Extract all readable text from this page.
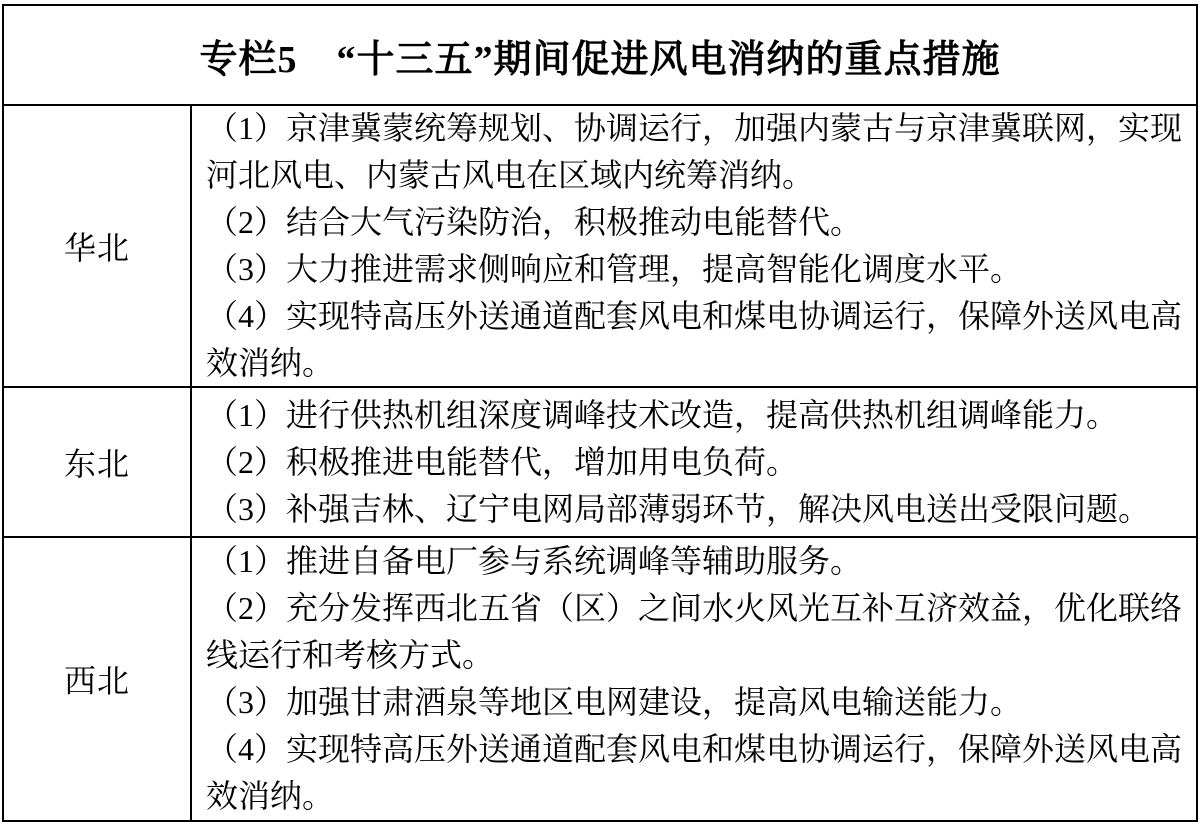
专栏5　“十三五”期间促进风电消纳的重点措施
华北

（1）京津冀蒙统筹规划、协调运行，加强内蒙古与京津冀联网，实现河北风电、内蒙古风电在区域内统筹消纳。

（2）结合大气污染防治，积极推动电能替代。

（3）大力推进需求侧响应和管理，提高智能化调度水平。

（4）实现特高压外送通道配套风电和煤电协调运行，保障外送风电高效消纳。

东北

（1）进行供热机组深度调峰技术改造，提高供热机组调峰能力。

（2）积极推进电能替代，增加用电负荷。

（3）补强吉林、辽宁电网局部薄弱环节，解决风电送出受限问题。

西北

（1）推进自备电厂参与系统调峰等辅助服务。

（2）充分发挥西北五省（区）之间水火风光互补互济效益，优化联络线运行和考核方式。

（3）加强甘肃酒泉等地区电网建设，提高风电输送能力。

（4）实现特高压外送通道配套风电和煤电协调运行，保障外送风电高效消纳。
